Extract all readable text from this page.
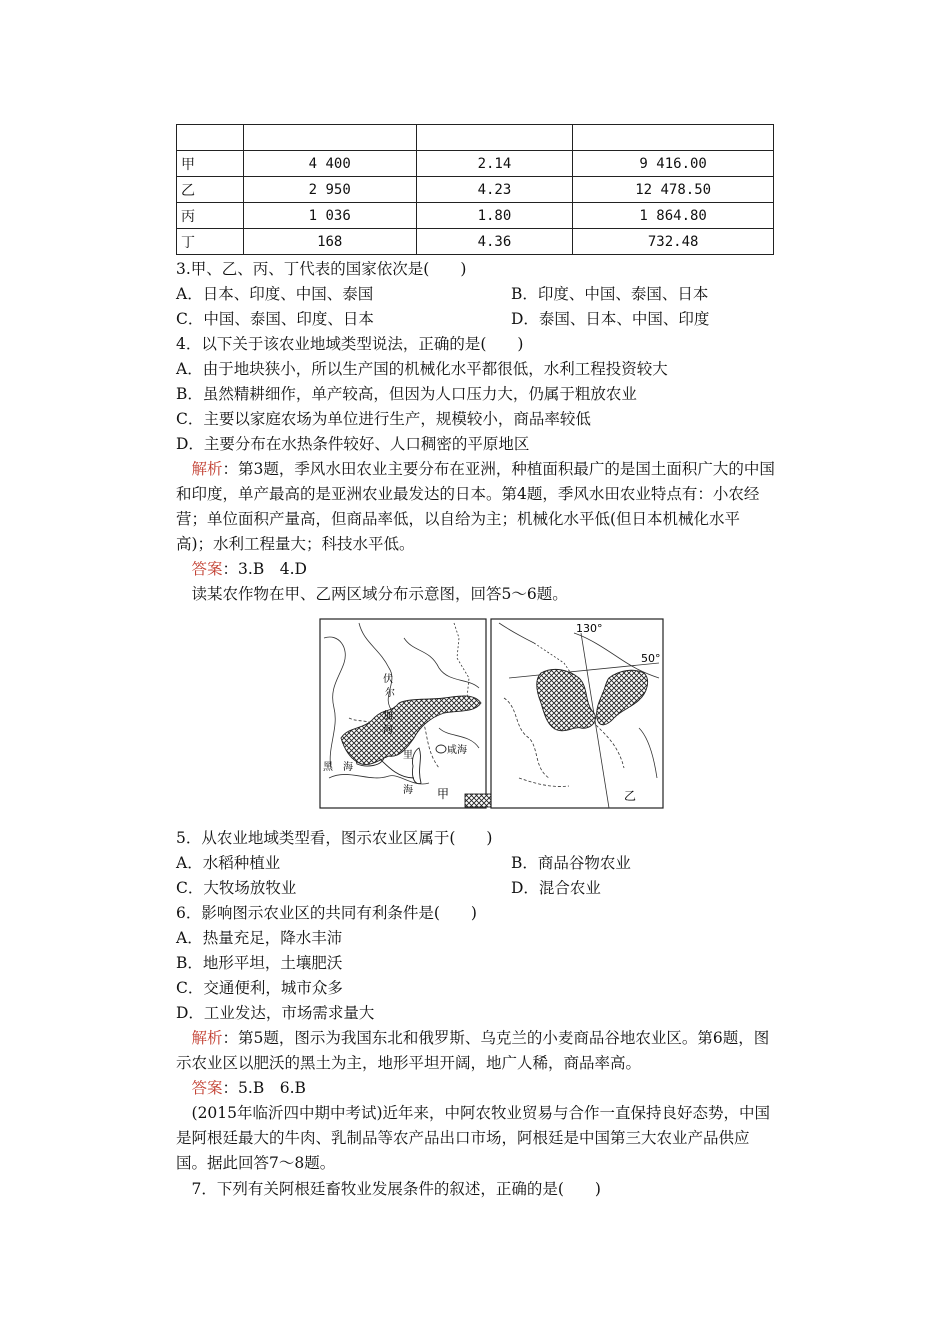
甲	4 400	2.14	9 416.00
乙	2 950	4.23	12 478.50
丙	1 036	1.80	1 864.80
丁	168	4.36	732.48
3.甲、乙、丙、丁代表的国家依次是(　　)
A．日本、印度、中国、泰国	B．印度、中国、泰国、日本
C．中国、泰国、印度、日本	D．泰国、日本、中国、印度
4．以下关于该农业地域类型说法，正确的是(　　)
A．由于地块狭小，所以生产国的机械化水平都很低，水利工程投资较大
B．虽然精耕细作，单产较高，但因为人口压力大，仍属于粗放农业
C．主要以家庭农场为单位进行生产，规模较小，商品率较低
D．主要分布在水热条件较好、人口稠密的平原地区
　解析：第3题，季风水田农业主要分布在亚洲，种植面积最广的是国土面积广大的中国和印度，单产最高的是亚洲农业最发达的日本。第4题，季风水田农业特点有：小农经营；单位面积产量高，但商品率低，以自给为主；机械化水平低(但日本机械化水平高)；水利工程量大；科技水平低。
　答案：3.B　4.D
　读某农作物在甲、乙两区域分布示意图，回答5～6题。
伏
尔
加
河
黑　海
里
海
咸海
甲
130°
50°
乙
5．从农业地域类型看，图示农业区属于(　　)
A．水稻种植业	B．商品谷物农业
C．大牧场放牧业	D．混合农业
6．影响图示农业区的共同有利条件是(　　)
A．热量充足，降水丰沛
B．地形平坦，土壤肥沃
C．交通便利，城市众多
D．工业发达，市场需求量大
　解析：第5题，图示为我国东北和俄罗斯、乌克兰的小麦商品谷地农业区。第6题，图示农业区以肥沃的黑土为主，地形平坦开阔，地广人稀，商品率高。
　答案：5.B　6.B
　(2015年临沂四中期中考试)近年来，中阿农牧业贸易与合作一直保持良好态势，中国是阿根廷最大的牛肉、乳制品等农产品出口市场，阿根廷是中国第三大农业产品供应国。据此回答7～8题。
　7．下列有关阿根廷畜牧业发展条件的叙述，正确的是(　　)
